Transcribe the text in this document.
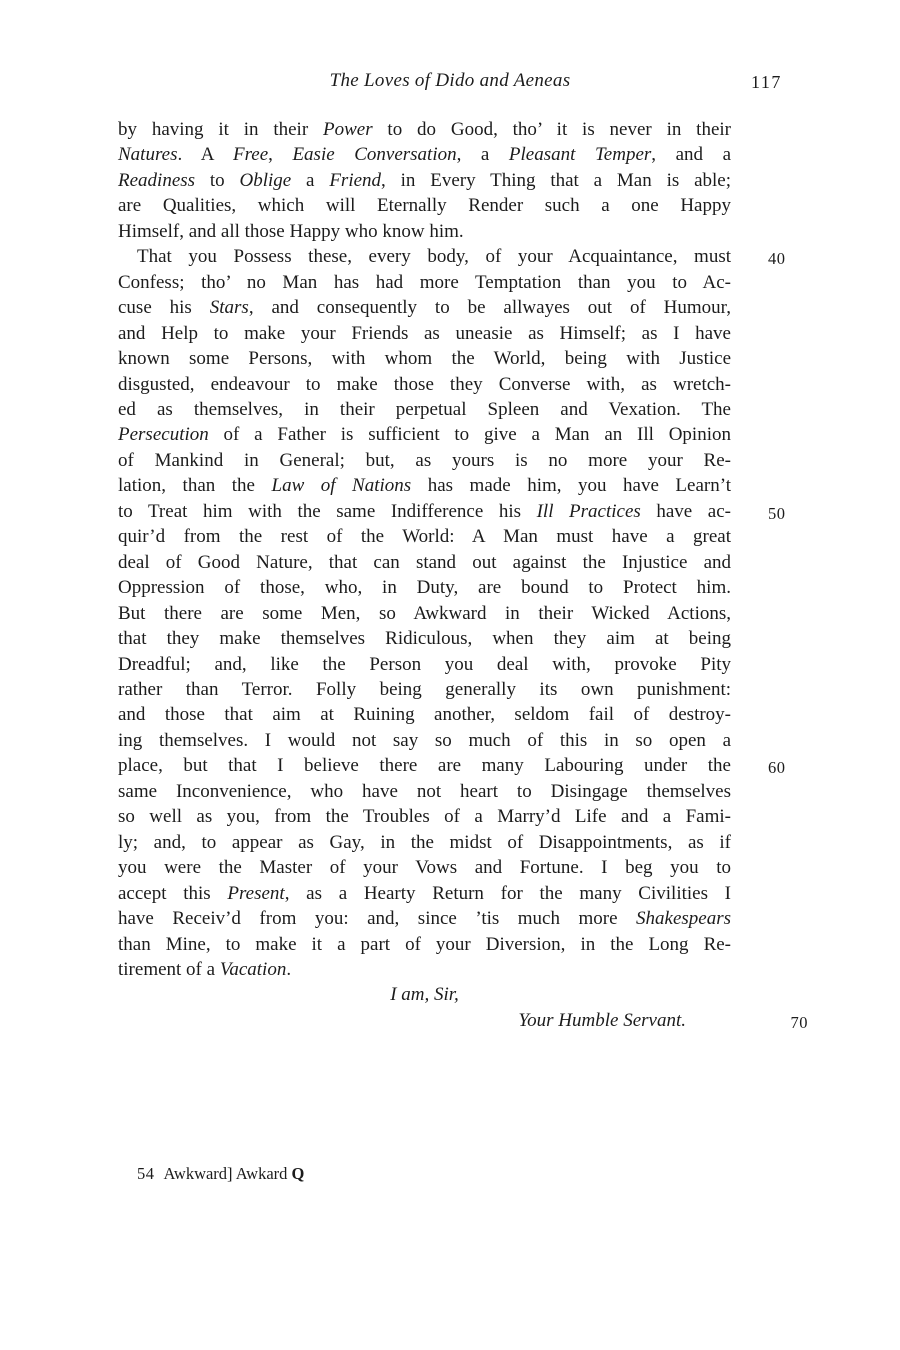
The Loves of Dido and Aeneas	117
by having it in their Power to do Good, tho’ it is never in their
Natures. A Free, Easie Conversation, a Pleasant Temper, and a
Readiness to Oblige a Friend, in Every Thing that a Man is able;
are Qualities, which will Eternally Render such a one Happy
Himself, and all those Happy who know him.
That you Possess these, every body, of your Acquaintance, must 40
Confess; tho’ no Man has had more Temptation than you to Ac-
cuse his Stars, and consequently to be allwayes out of Humour,
and Help to make your Friends as uneasie as Himself; as I have
known some Persons, with whom the World, being with Justice
disgusted, endeavour to make those they Converse with, as wretch-
ed as themselves, in their perpetual Spleen and Vexation. The
Persecution of a Father is sufficient to give a Man an Ill Opinion
of Mankind in General; but, as yours is no more your Re-
lation, than the Law of Nations has made him, you have Learn’t
to Treat him with the same Indifference his Ill Practices have ac- 50
quir’d from the rest of the World: A Man must have a great
deal of Good Nature, that can stand out against the Injustice and
Oppression of those, who, in Duty, are bound to Protect him.
But there are some Men, so Awkward in their Wicked Actions,
that they make themselves Ridiculous, when they aim at being
Dreadful; and, like the Person you deal with, provoke Pity
rather than Terror. Folly being generally its own punishment:
and those that aim at Ruining another, seldom fail of destroy-
ing themselves. I would not say so much of this in so open a
place, but that I believe there are many Labouring under the 60
same Inconvenience, who have not heart to Disingage themselves
so well as you, from the Troubles of a Marry’d Life and a Fami-
ly; and, to appear as Gay, in the midst of Disappointments, as if
you were the Master of your Vows and Fortune. I beg you to
accept this Present, as a Hearty Return for the many Civilities I
have Receiv’d from you: and, since ’tis much more Shakespears
than Mine, to make it a part of your Diversion, in the Long Re-
tirement of a Vacation.
I am, Sir,
Your Humble Servant.	70
54 Awkward] Awkard Q
